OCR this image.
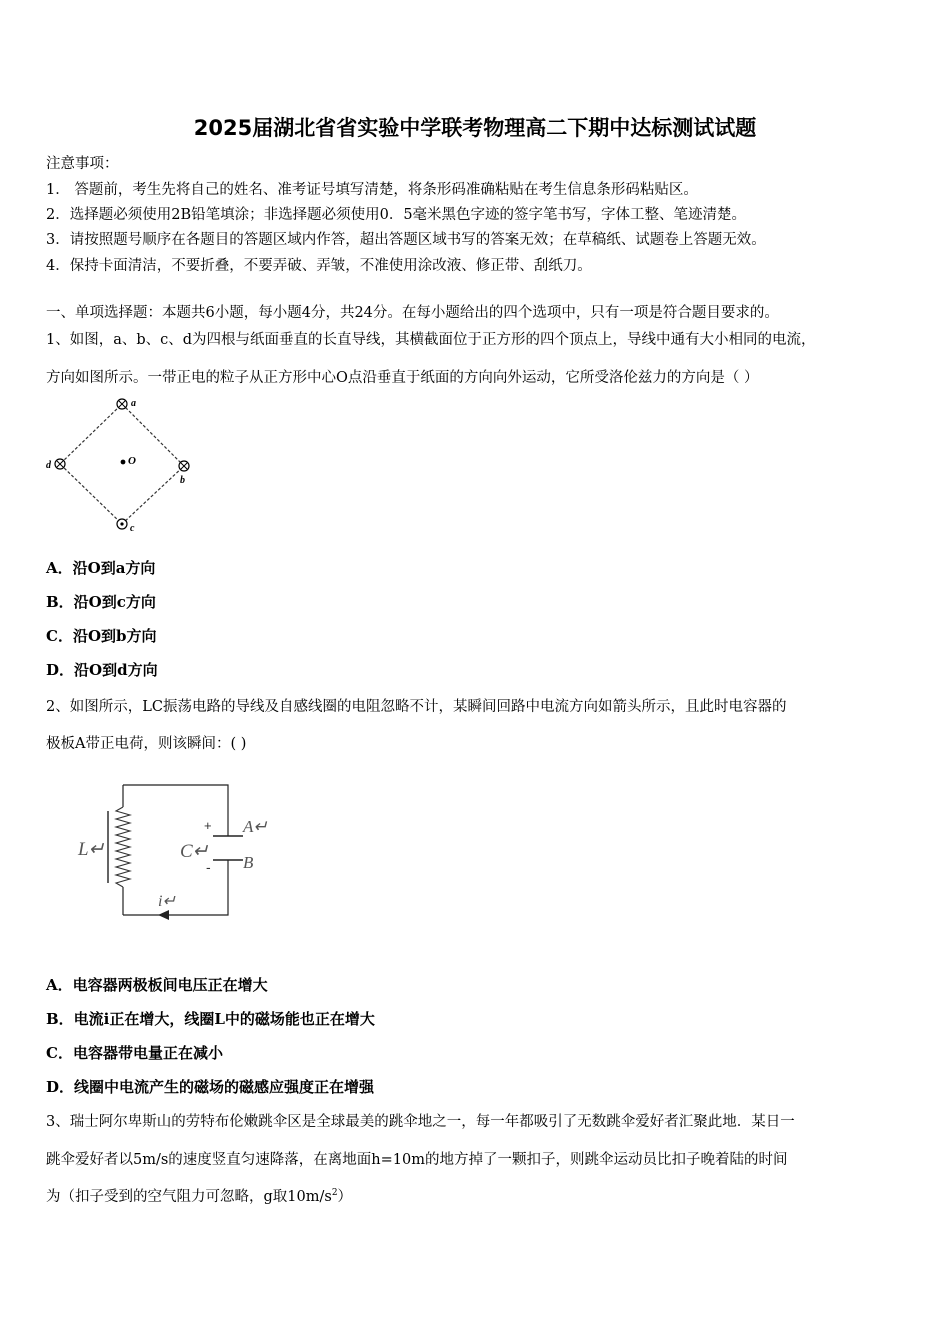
2025届湖北省省实验中学联考物理高二下期中达标测试试题
注意事项：
1． 答题前，考生先将自己的姓名、准考证号填写清楚，将条形码准确粘贴在考生信息条形码粘贴区。
2．选择题必须使用2B铅笔填涂；非选择题必须使用0．5毫米黑色字迹的签字笔书写，字体工整、笔迹清楚。
3．请按照题号顺序在各题目的答题区域内作答，超出答题区域书写的答案无效；在草稿纸、试题卷上答题无效。
4．保持卡面清洁，不要折叠，不要弄破、弄皱，不准使用涂改液、修正带、刮纸刀。
一、单项选择题：本题共6小题，每小题4分，共24分。在每小题给出的四个选项中，只有一项是符合题目要求的。
1、如图，a、b、c、d为四根与纸面垂直的长直导线，其横截面位于正方形的四个顶点上，导线中通有大小相同的电流，
方向如图所示。一带正电的粒子从正方形中心O点沿垂直于纸面的方向向外运动，它所受洛伦兹力的方向是（ ）
a
b
c
d	O
A．沿O到a方向
B．沿O到c方向
C．沿O到b方向
D．沿O到d方向
2、如图所示，LC振荡电路的导线及自感线圈的电阻忽略不计，某瞬间回路中电流方向如箭头所示，且此时电容器的
极板A带正电荷，则该瞬间：( )
L↵	C↵
A↵
B
+
-
i↵
A．电容器两极板间电压正在增大
B．电流i正在增大，线圈L中的磁场能也正在增大
C．电容器带电量正在减小
D．线圈中电流产生的磁场的磁感应强度正在增强
3、瑞士阿尔卑斯山的劳特布伦嫩跳伞区是全球最美的跳伞地之一，每一年都吸引了无数跳伞爱好者汇聚此地．某日一
跳伞爱好者以5m/s的速度竖直匀速降落，在离地面h=10m的地方掉了一颗扣子，则跳伞运动员比扣子晚着陆的时间
为（扣子受到的空气阻力可忽略，g取$10m/s^2$）
